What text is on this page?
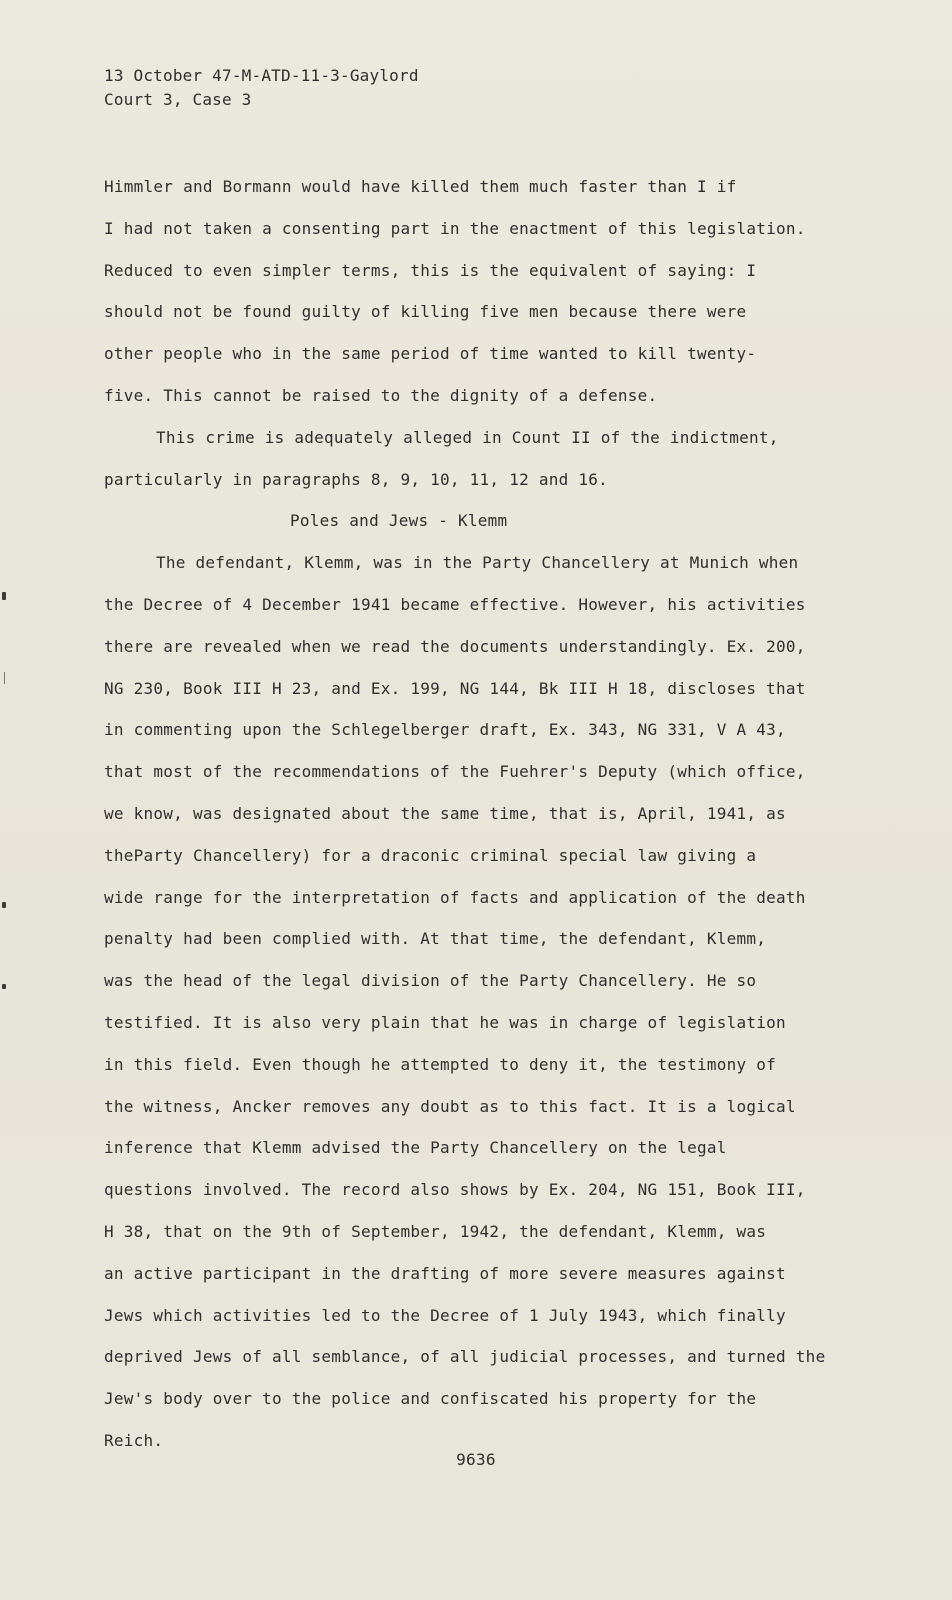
13 October 47-M-ATD-11-3-Gaylord
Court 3, Case 3
Himmler and Bormann would have killed them much faster than I if
I had not taken a consenting part in the enactment of this legislation.
Reduced to even simpler terms, this is the equivalent of saying: I
should not be found guilty of killing five men because there were
other people who in the same period of time wanted to kill twenty-
five. This cannot be raised to the dignity of a defense.
This crime is adequately alleged in Count II of the indictment,
particularly in paragraphs 8, 9, 10, 11, 12 and 16.
Poles and Jews - Klemm
The defendant, Klemm, was in the Party Chancellery at Munich when
the Decree of 4 December 1941 became effective. However, his activities
there are revealed when we read the documents understandingly. Ex. 200,
NG 230, Book III H 23, and Ex. 199, NG 144, Bk III H 18, discloses that
in commenting upon the Schlegelberger draft, Ex. 343, NG 331, V A 43,
that most of the recommendations of the Fuehrer's Deputy (which office,
we know, was designated about the same time, that is, April, 1941, as
theParty Chancellery) for a draconic criminal special law giving a
wide range for the interpretation of facts and application of the death
penalty had been complied with. At that time, the defendant, Klemm,
was the head of the legal division of the Party Chancellery. He so
testified. It is also very plain that he was in charge of legislation
in this field. Even though he attempted to deny it, the testimony of
the witness, Ancker removes any doubt as to this fact. It is a logical
inference that Klemm advised the Party Chancellery on the legal
questions involved. The record also shows by Ex. 204, NG 151, Book III,
H 38, that on the 9th of September, 1942, the defendant, Klemm, was
an active participant in the drafting of more severe measures against
Jews which activities led to the Decree of 1 July 1943, which finally
deprived Jews of all semblance, of all judicial processes, and turned the
Jew's body over to the police and confiscated his property for the
Reich.
9636
